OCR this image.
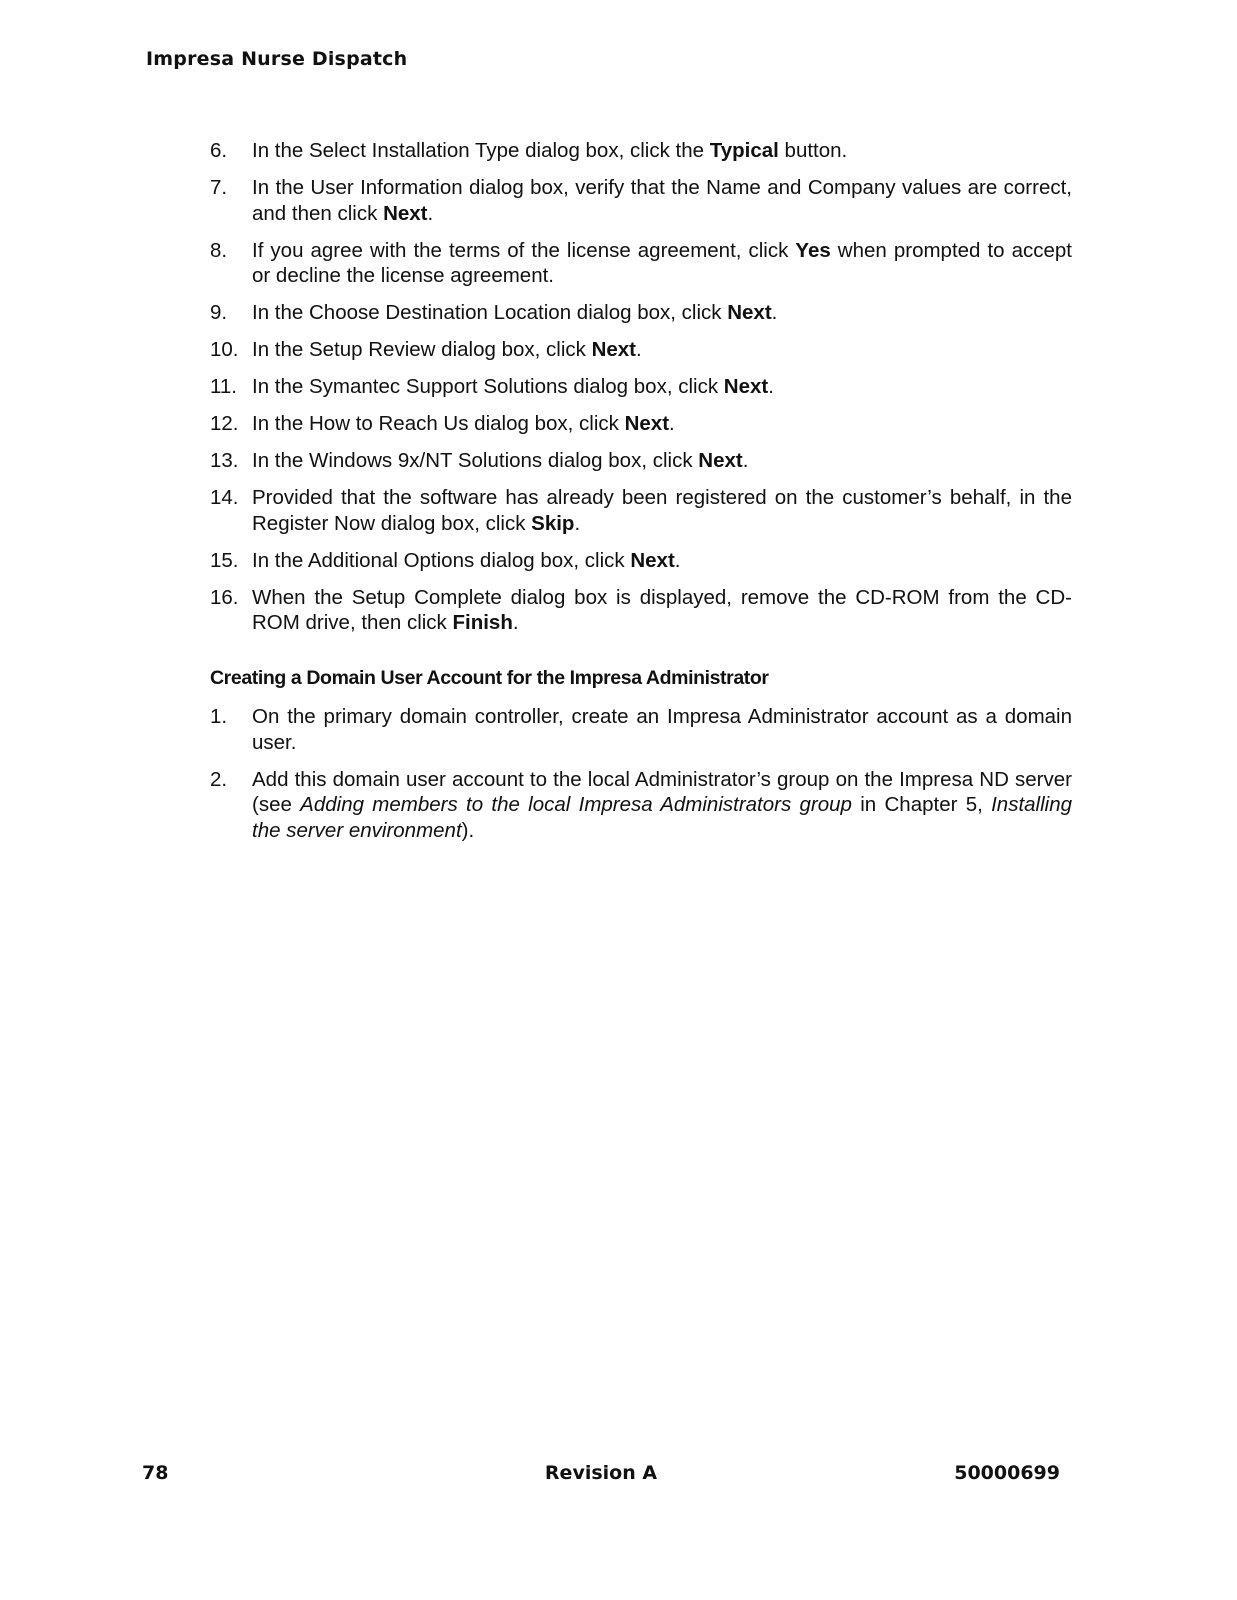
Impresa Nurse Dispatch
6.	In the Select Installation Type dialog box, click the Typical button.
7.	In the User Information dialog box, verify that the Name and Company values are correct, and then click Next.
8.	If you agree with the terms of the license agreement, click Yes when prompted to accept or decline the license agreement.
9.	In the Choose Destination Location dialog box, click Next.
10. In the Setup Review dialog box, click Next.
11. In the Symantec Support Solutions dialog box, click Next.
12. In the How to Reach Us dialog box, click Next.
13. In the Windows 9x/NT Solutions dialog box, click Next.
14. Provided that the software has already been registered on the customer’s behalf, in the Register Now dialog box, click Skip.
15. In the Additional Options dialog box, click Next.
16. When the Setup Complete dialog box is displayed, remove the CD-ROM from the CD-ROM drive, then click Finish.
Creating a Domain User Account for the Impresa Administrator
1.	On the primary domain controller, create an Impresa Administrator account as a domain user.
2.	Add this domain user account to the local Administrator’s group on the Impresa ND server (see Adding members to the local Impresa Administrators group in Chapter 5, Installing the server environment).
78	Revision A	50000699
